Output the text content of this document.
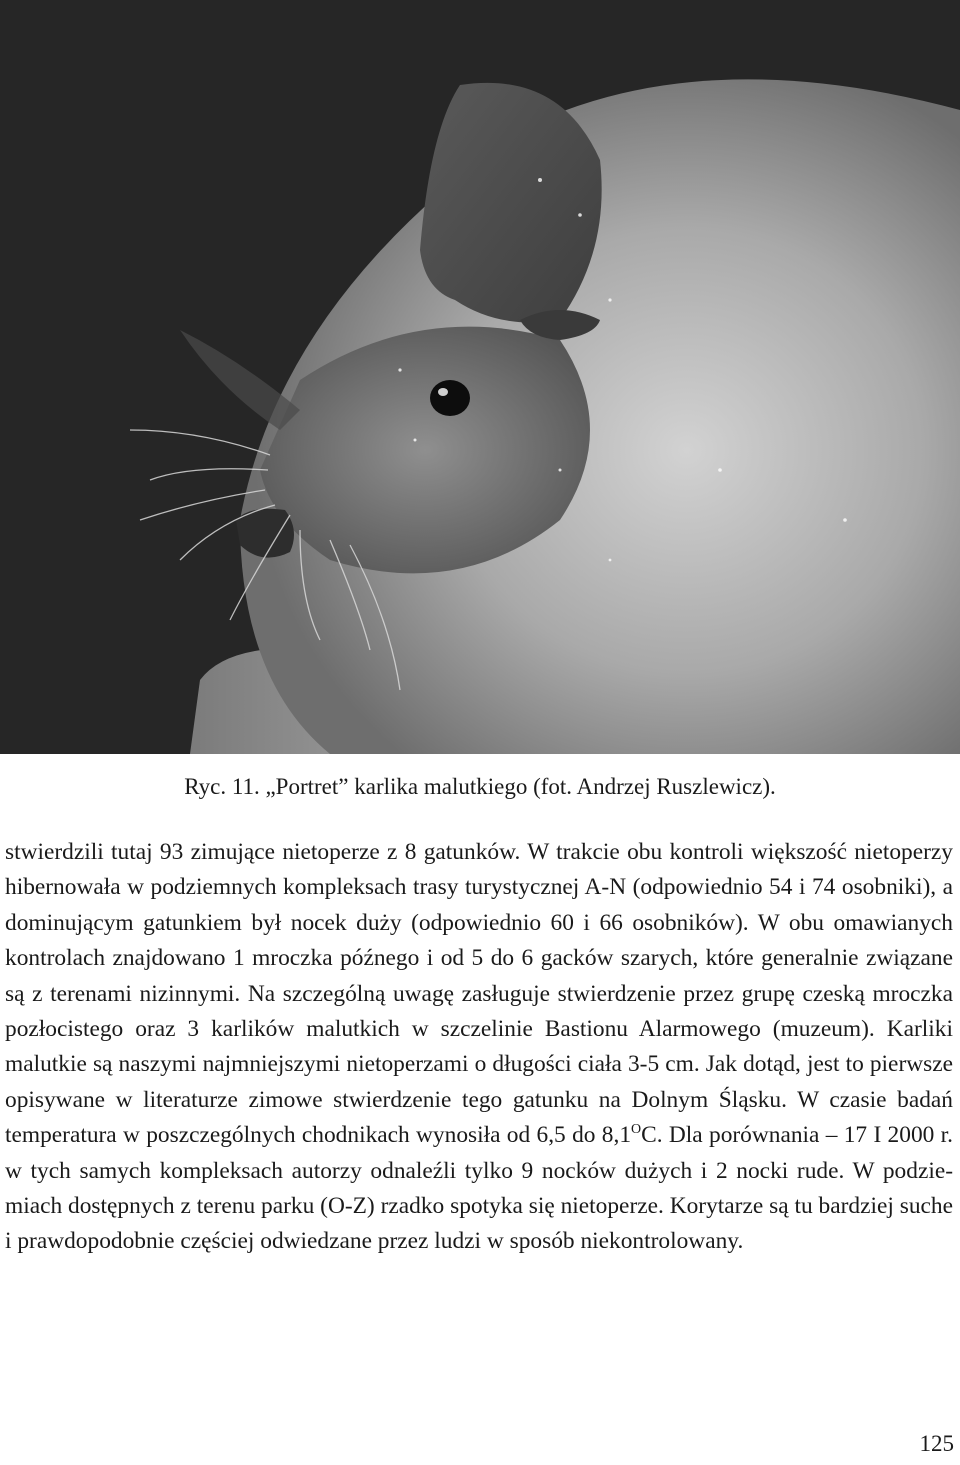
Ryc. 11. „Portret” karlika malutkiego (fot. Andrzej Ruszlewicz).

stwierdzili tutaj 93 zimujące nietoperze z 8 gatunków. W trakcie obu kontroli większość nietoperzy hibernowała w podziemnych kompleksach trasy turystycznej A-N (odpowiednio 54 i 74 osobniki), a dominującym gatunkiem był nocek duży (odpowiednio 60 i 66 osobników). W obu omawianych kontrolach znajdowano 1 mroczka późnego i od 5 do 6 gacków szarych, które generalnie związane są z terenami nizinnymi. Na szczególną uwagę zasługuje stwierdzenie przez grupę czeską mroczka pozłocistego oraz 3 karlików malutkich w szczelinie Bastionu Alarmowego (muzeum). Karliki malutkie są naszymi najmniejszymi nietoperzami o długości ciała 3-5 cm. Jak dotąd, jest to pierwsze opisywane w literaturze zimowe stwierdzenie tego gatunku na Dolnym Śląsku. W czasie badań temperatura w poszczególnych chodnikach wynosiła od 6,5 do $8,1^OC$. Dla porównania – 17 I 2000 r. w tych samych kompleksach autorzy odnaleźli tylko 9 nocków dużych i 2 nocki rude. W podziemiach dostępnych z terenu parku (O-Z) rzadko spotyka się nietoperze. Korytarze są tu bardziej suche i prawdopodobnie częściej odwiedzane przez ludzi w sposób niekontrolowany.

125
